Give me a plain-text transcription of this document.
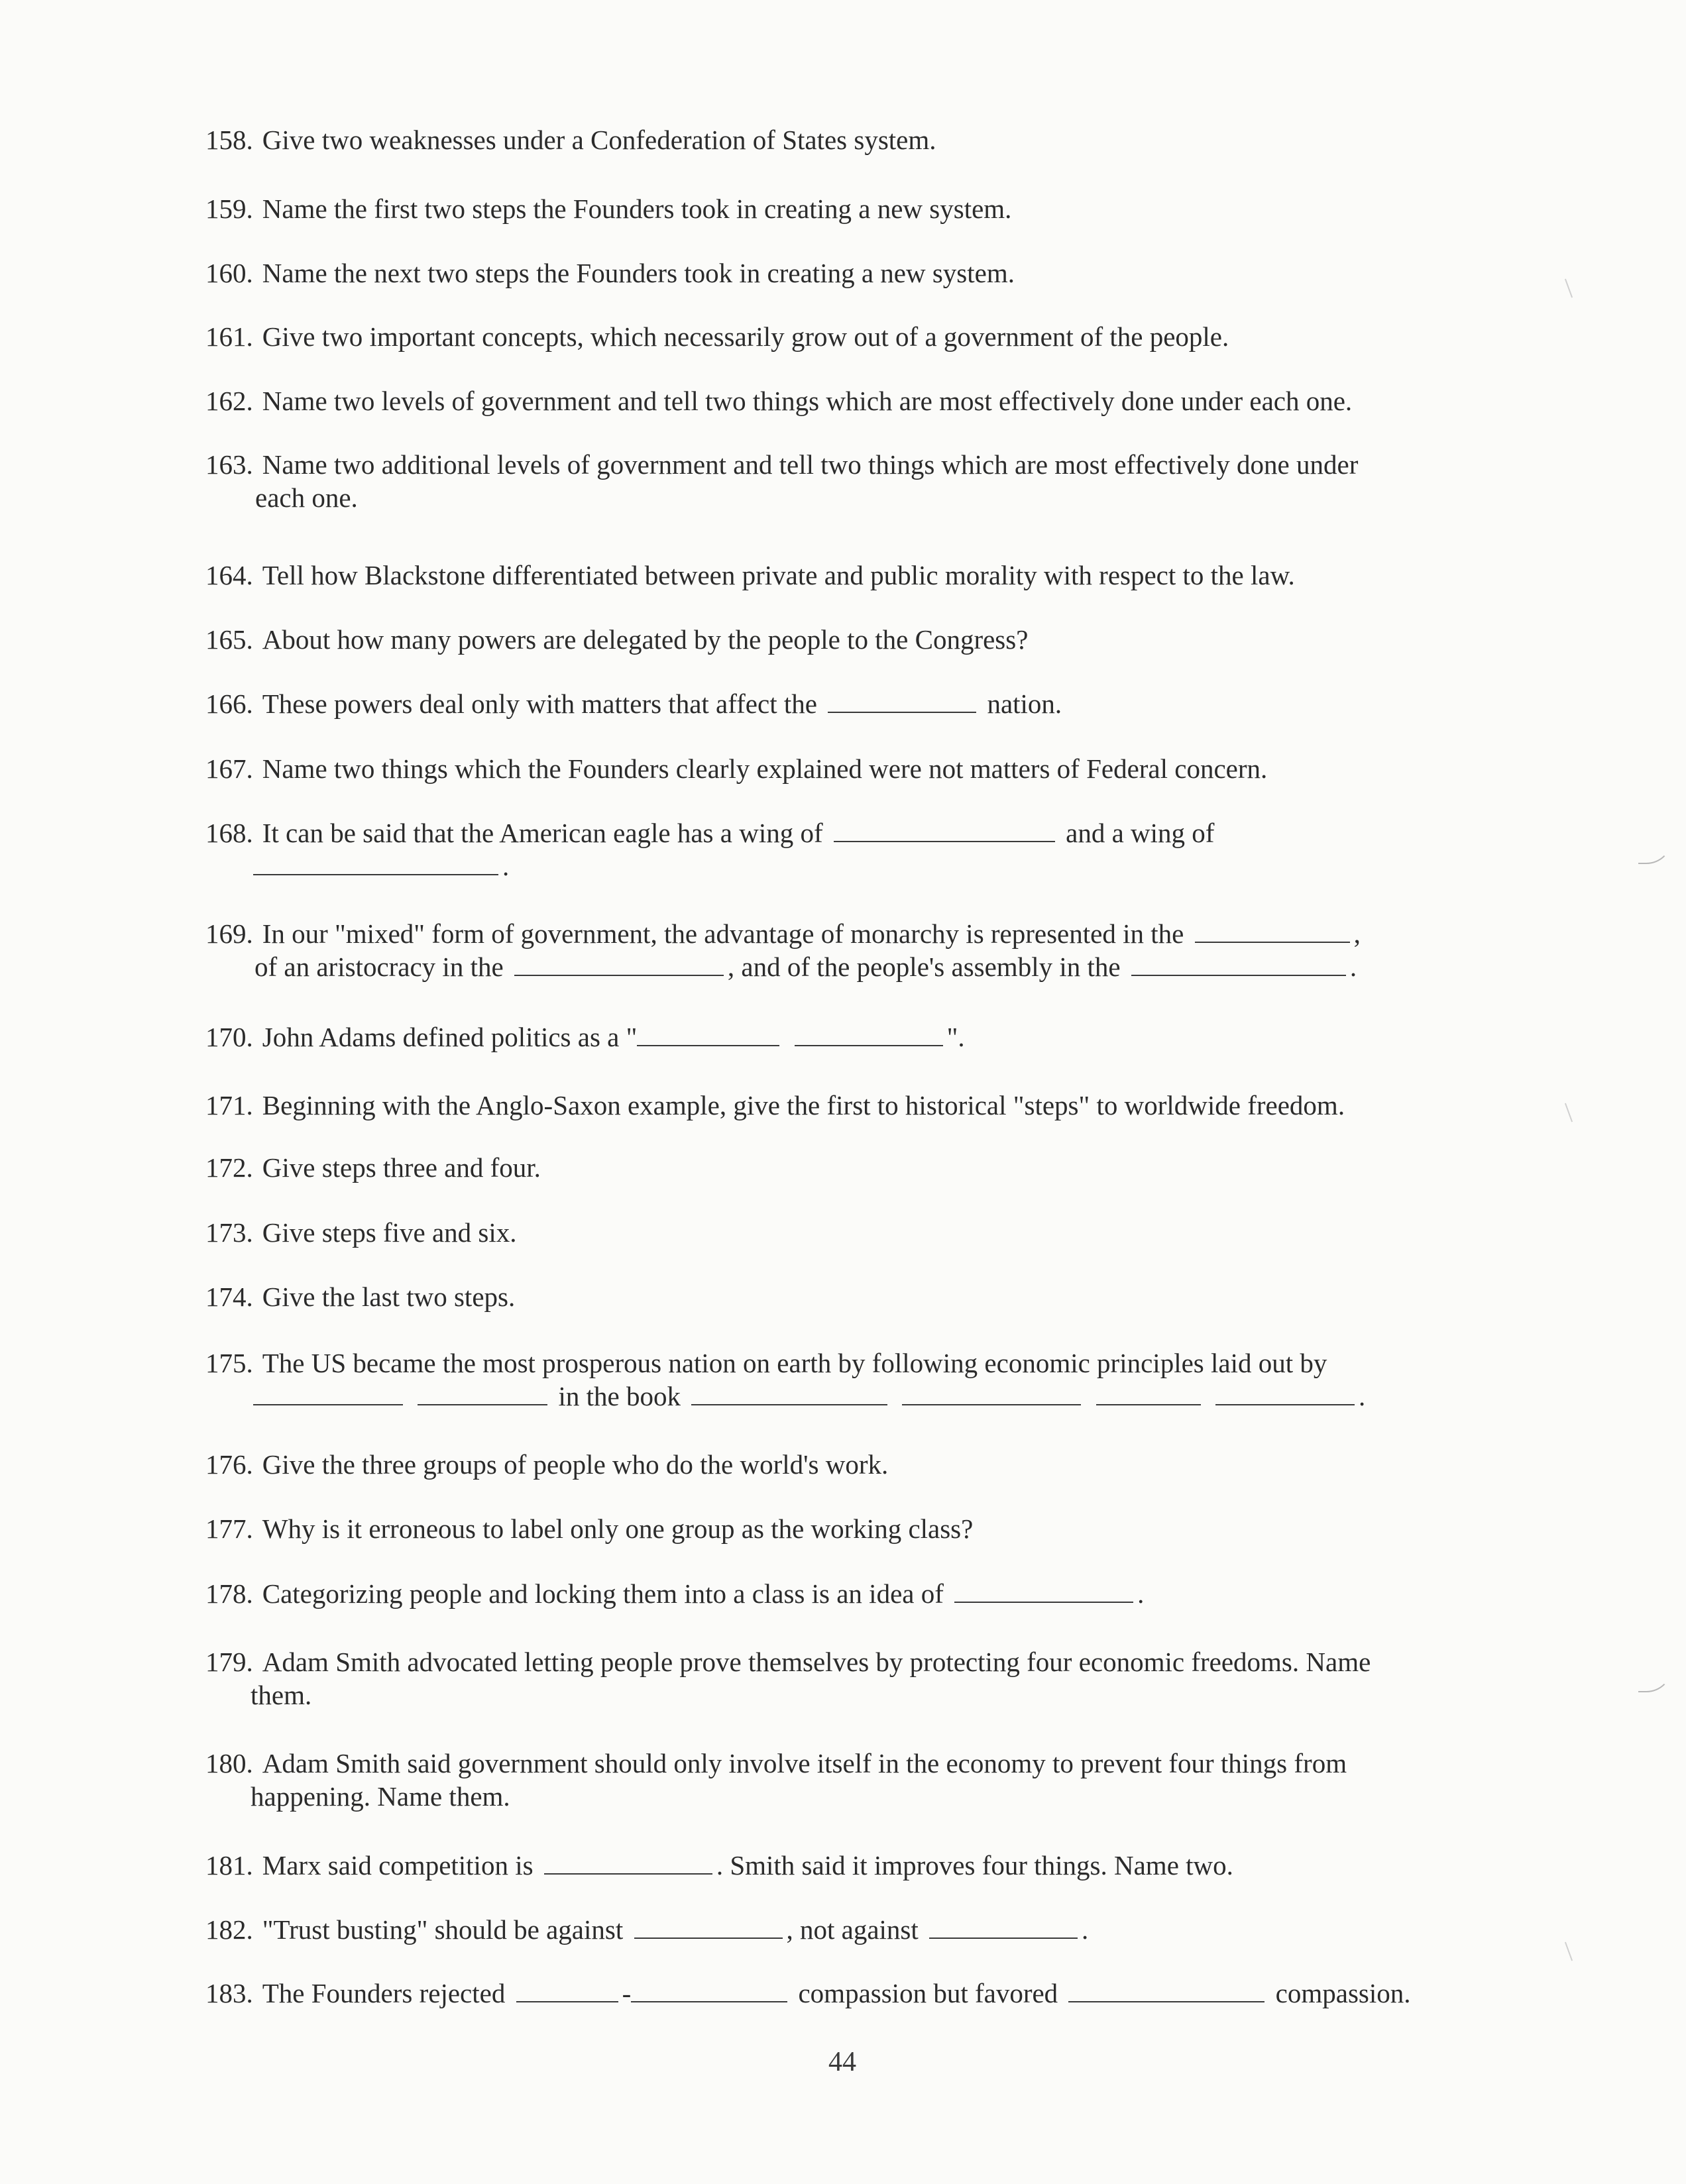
158. Give two weaknesses under a Confederation of States system.
159. Name the first two steps the Founders took in creating a new system.
160. Name the next two steps the Founders took in creating a new system.
161. Give two important concepts, which necessarily grow out of a government of the people.
162. Name two levels of government and tell two things which are most effectively done under each one.
163. Name two additional levels of government and tell two things which are most effectively done under
each one.
164. Tell how Blackstone differentiated between private and public morality with respect to the law.
165. About how many powers are delegated by the people to the Congress?
166. These powers deal only with matters that affect the	nation.
167. Name two things which the Founders clearly explained were not matters of Federal concern.
168. It can be said that the American eagle has a wing of	and a wing of
.
169. In our "mixed" form of government, the advantage of monarchy is represented in the	,
of an aristocracy in the	, and of the people's assembly in the	.
170. John Adams defined politics as a "	".
171. Beginning with the Anglo-Saxon example, give the first to historical "steps" to worldwide freedom.
172. Give steps three and four.
173. Give steps five and six.
174. Give the last two steps.
175. The US became the most prosperous nation on earth by following economic principles laid out by
in the book	.
176. Give the three groups of people who do the world's work.
177. Why is it erroneous to label only one group as the working class?
178. Categorizing people and locking them into a class is an idea of	.
179. Adam Smith advocated letting people prove themselves by protecting four economic freedoms. Name
them.
180. Adam Smith said government should only involve itself in the economy to prevent four things from
happening. Name them.
181. Marx said competition is	. Smith said it improves four things. Name two.
182. "Trust busting" should be against	, not against	.
183. The Founders rejected	-	compassion but favored	compassion.
44
